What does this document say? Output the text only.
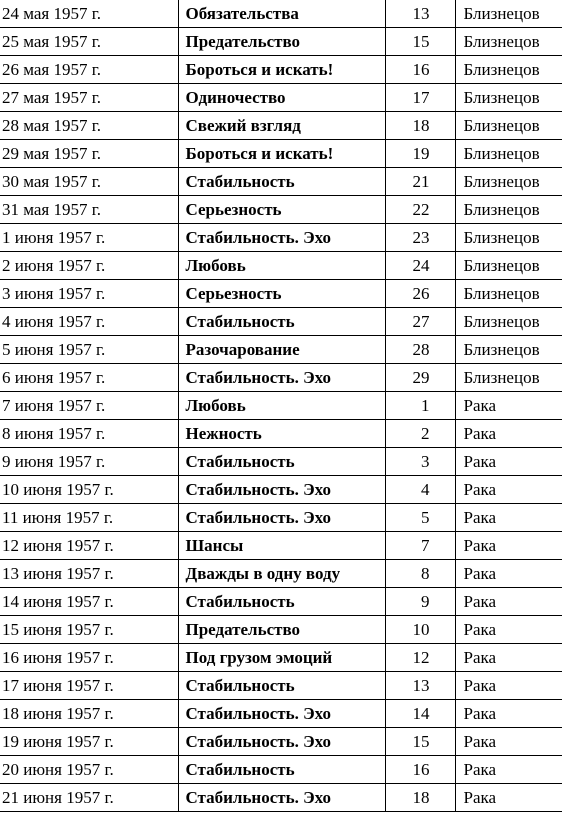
24 мая 1957 г.	Обязательства	13	Близнецов
25 мая 1957 г.	Предательство	15	Близнецов
26 мая 1957 г.	Бороться и искать!	16	Близнецов
27 мая 1957 г.	Одиночество	17	Близнецов
28 мая 1957 г.	Свежий взгляд	18	Близнецов
29 мая 1957 г.	Бороться и искать!	19	Близнецов
30 мая 1957 г.	Стабильность	21	Близнецов
31 мая 1957 г.	Серьезность	22	Близнецов
1 июня 1957 г.	Стабильность. Эхо	23	Близнецов
2 июня 1957 г.	Любовь	24	Близнецов
3 июня 1957 г.	Серьезность	26	Близнецов
4 июня 1957 г.	Стабильность	27	Близнецов
5 июня 1957 г.	Разочарование	28	Близнецов
6 июня 1957 г.	Стабильность. Эхо	29	Близнецов
7 июня 1957 г.	Любовь	1	Рака
8 июня 1957 г.	Нежность	2	Рака
9 июня 1957 г.	Стабильность	3	Рака
10 июня 1957 г.	Стабильность. Эхо	4	Рака
11 июня 1957 г.	Стабильность. Эхо	5	Рака
12 июня 1957 г.	Шансы	7	Рака
13 июня 1957 г.	Дважды в одну воду	8	Рака
14 июня 1957 г.	Стабильность	9	Рака
15 июня 1957 г.	Предательство	10	Рака
16 июня 1957 г.	Под грузом эмоций	12	Рака
17 июня 1957 г.	Стабильность	13	Рака
18 июня 1957 г.	Стабильность. Эхо	14	Рака
19 июня 1957 г.	Стабильность. Эхо	15	Рака
20 июня 1957 г.	Стабильность	16	Рака
21 июня 1957 г.	Стабильность. Эхо	18	Рака
